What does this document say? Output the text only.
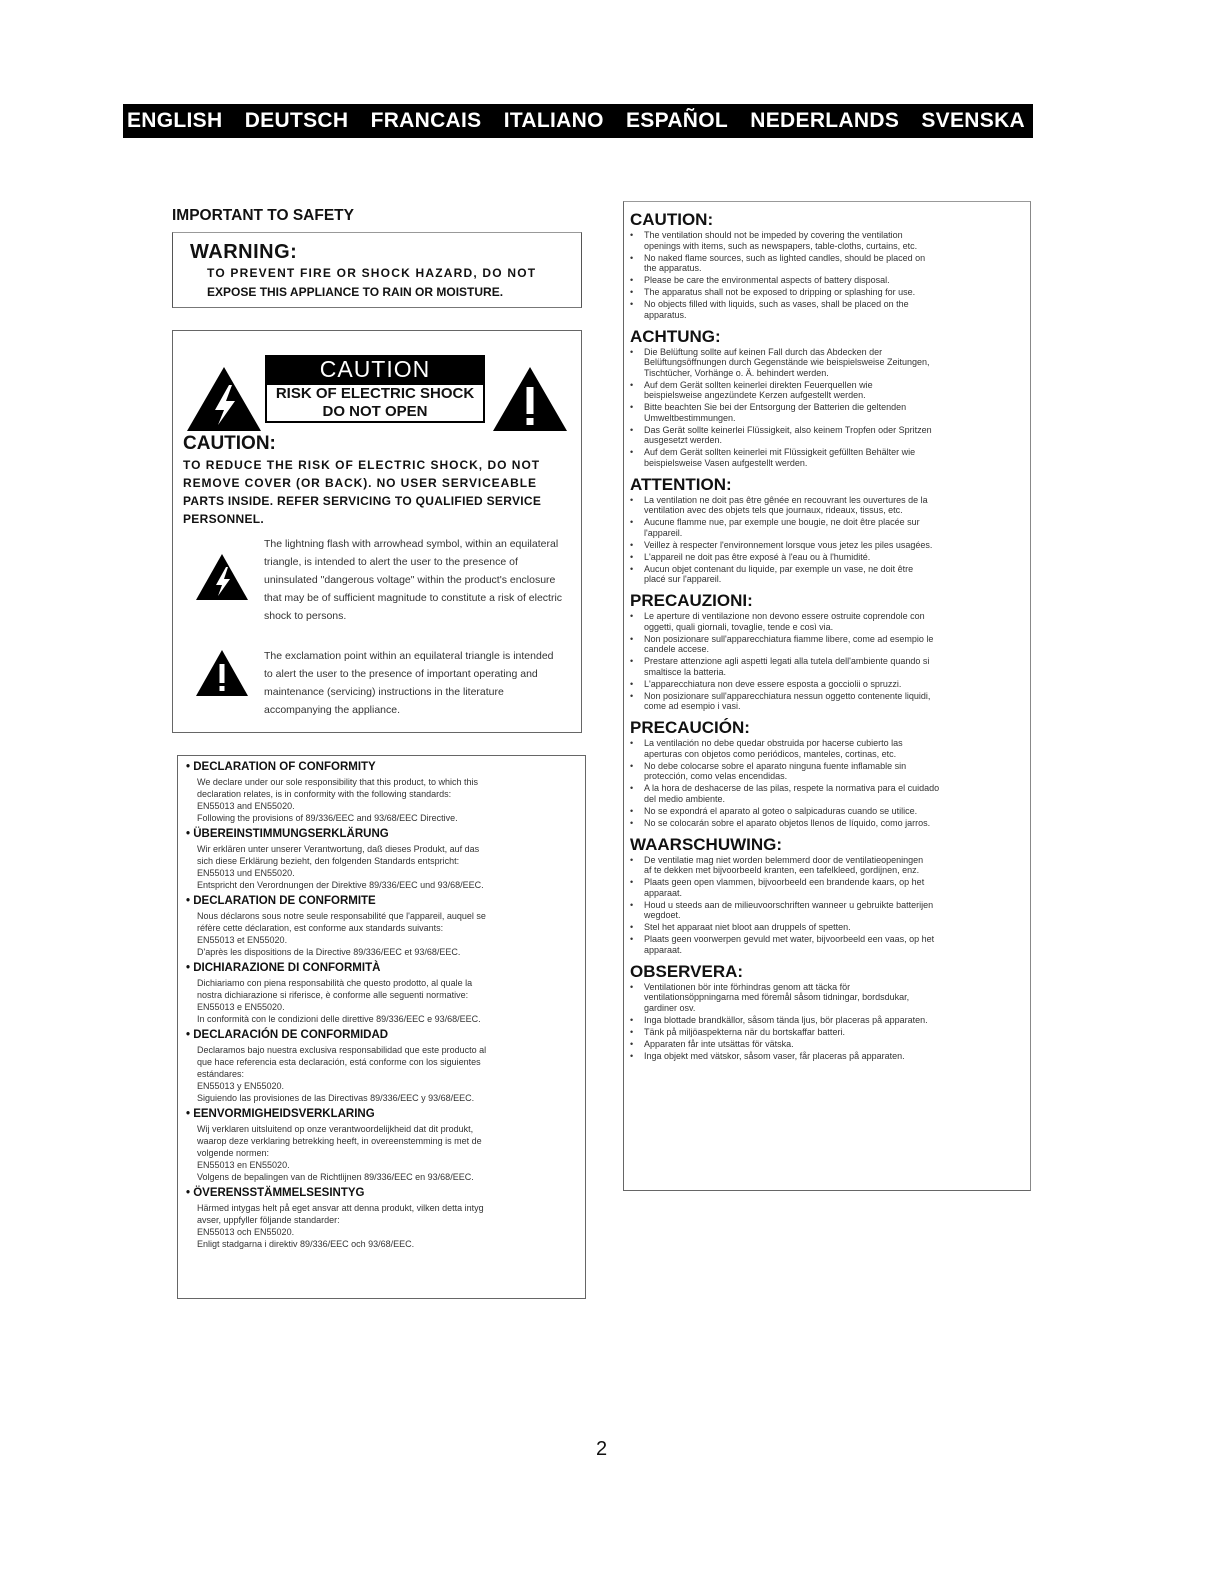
ENGLISH DEUTSCH FRANCAIS ITALIANO ESPAÑOL NEDERLANDS SVENSKA
IMPORTANT TO SAFETY
WARNING:
TO PREVENT FIRE OR SHOCK HAZARD, DO NOT
EXPOSE THIS APPLIANCE TO RAIN OR MOISTURE.
CAUTION
RISK OF ELECTRIC SHOCK
DO NOT OPEN
CAUTION:
TO REDUCE THE RISK OF ELECTRIC SHOCK, DO NOT
REMOVE COVER (OR BACK). NO USER SERVICEABLE
PARTS INSIDE. REFER SERVICING TO QUALIFIED SERVICE
PERSONNEL.
The lightning flash with arrowhead symbol, within an equilateral triangle, is intended to alert the user to the presence of uninsulated "dangerous voltage" within the product's enclosure that may be of sufficient magnitude to constitute a risk of electric shock to persons.
The exclamation point within an equilateral triangle is intended to alert the user to the presence of important operating and maintenance (servicing) instructions in the literature accompanying the appliance.
• DECLARATION OF CONFORMITY
We declare under our sole responsibility that this product, to which this
declaration relates, is in conformity with the following standards:
EN55013 and EN55020.
Following the provisions of 89/336/EEC and 93/68/EEC Directive.
• ÜBEREINSTIMMUNGSERKLÄRUNG
Wir erklären unter unserer Verantwortung, daß dieses Produkt, auf das
sich diese Erklärung bezieht, den folgenden Standards entspricht:
EN55013 und EN55020.
Entspricht den Verordnungen der Direktive 89/336/EEC und 93/68/EEC.
• DECLARATION DE CONFORMITE
Nous déclarons sous notre seule responsabilité que l'appareil, auquel se
réfère cette déclaration, est conforme aux standards suivants:
EN55013 et EN55020.
D'après les dispositions de la Directive 89/336/EEC et 93/68/EEC.
• DICHIARAZIONE DI CONFORMITÀ
Dichiariamo con piena responsabilità che questo prodotto, al quale la
nostra dichiarazione si riferisce, è conforme alle seguenti normative:
EN55013 e EN55020.
In conformità con le condizioni delle direttive 89/336/EEC e 93/68/EEC.
• DECLARACIÓN DE CONFORMIDAD
Declaramos bajo nuestra exclusiva responsabilidad que este producto al
que hace referencia esta declaración, está conforme con los siguientes
estándares:
EN55013 y EN55020.
Siguiendo las provisiones de las Directivas 89/336/EEC y 93/68/EEC.
• EENVORMIGHEIDSVERKLARING
Wij verklaren uitsluitend op onze verantwoordelijkheid dat dit produkt,
waarop deze verklaring betrekking heeft, in overeenstemming is met de
volgende normen:
EN55013 en EN55020.
Volgens de bepalingen van de Richtlijnen 89/336/EEC en 93/68/EEC.
• ÖVERENSSTÄMMELSESINTYG
Härmed intygas helt på eget ansvar att denna produkt, vilken detta intyg
avser, uppfyller följande standarder:
EN55013 och EN55020.
Enligt stadgarna i direktiv 89/336/EEC och 93/68/EEC.
CAUTION:
•	The ventilation should not be impeded by covering the ventilation
openings with items, such as newspapers, table-cloths, curtains, etc.
•	No naked flame sources, such as lighted candles, should be placed on
the apparatus.
•	Please be care the environmental aspects of battery disposal.
•	The apparatus shall not be exposed to dripping or splashing for use.
•	No objects filled with liquids, such as vases, shall be placed on the
apparatus.
ACHTUNG:
•	Die Belüftung sollte auf keinen Fall durch das Abdecken der
Belüftungsöffnungen durch Gegenstände wie beispielsweise Zeitungen,
Tischtücher, Vorhänge o. Ä. behindert werden.
•	Auf dem Gerät sollten keinerlei direkten Feuerquellen wie
beispielsweise angezündete Kerzen aufgestellt werden.
•	Bitte beachten Sie bei der Entsorgung der Batterien die geltenden
Umweltbestimmungen.
•	Das Gerät sollte keinerlei Flüssigkeit, also keinem Tropfen oder Spritzen
ausgesetzt werden.
•	Auf dem Gerät sollten keinerlei mit Flüssigkeit gefüllten Behälter wie
beispielsweise Vasen aufgestellt werden.
ATTENTION:
•	La ventilation ne doit pas être gênée en recouvrant les ouvertures de la
ventilation avec des objets tels que journaux, rideaux, tissus, etc.
•	Aucune flamme nue, par exemple une bougie, ne doit être placée sur
l'appareil.
•	Veillez à respecter l'environnement lorsque vous jetez les piles usagées.
•	L'appareil ne doit pas être exposé à l'eau ou à l'humidité.
•	Aucun objet contenant du liquide, par exemple un vase, ne doit être
placé sur l'appareil.
PRECAUZIONI:
•	Le aperture di ventilazione non devono essere ostruite coprendole con
oggetti, quali giornali, tovaglie, tende e così via.
•	Non posizionare sull'apparecchiatura fiamme libere, come ad esempio le
candele accese.
•	Prestare attenzione agli aspetti legati alla tutela dell'ambiente quando si
smaltisce la batteria.
•	L'apparecchiatura non deve essere esposta a gocciolii o spruzzi.
•	Non posizionare sull'apparecchiatura nessun oggetto contenente liquidi,
come ad esempio i vasi.
PRECAUCIÓN:
•	La ventilación no debe quedar obstruida por hacerse cubierto las
aperturas con objetos como periódicos, manteles, cortinas, etc.
•	No debe colocarse sobre el aparato ninguna fuente inflamable sin
protección, como velas encendidas.
•	A la hora de deshacerse de las pilas, respete la normativa para el cuidado
del medio ambiente.
•	No se expondrá el aparato al goteo o salpicaduras cuando se utilice.
•	No se colocarán sobre el aparato objetos llenos de líquido, como jarros.
WAARSCHUWING:
•	De ventilatie mag niet worden belemmerd door de ventilatieopeningen
af te dekken met bijvoorbeeld kranten, een tafelkleed, gordijnen, enz.
•	Plaats geen open vlammen, bijvoorbeeld een brandende kaars, op het
apparaat.
•	Houd u steeds aan de milieuvoorschriften wanneer u gebruikte batterijen
wegdoet.
•	Stel het apparaat niet bloot aan druppels of spetten.
•	Plaats geen voorwerpen gevuld met water, bijvoorbeeld een vaas, op het
apparaat.
OBSERVERA:
•	Ventilationen bör inte förhindras genom att täcka för
ventilationsöppningarna med föremål såsom tidningar, bordsdukar,
gardiner osv.
•	Inga blottade brandkällor, såsom tända ljus, bör placeras på apparaten.
•	Tänk på miljöaspekterna när du bortskaffar batteri.
•	Apparaten får inte utsättas för vätska.
•	Inga objekt med vätskor, såsom vaser, får placeras på apparaten.
2
